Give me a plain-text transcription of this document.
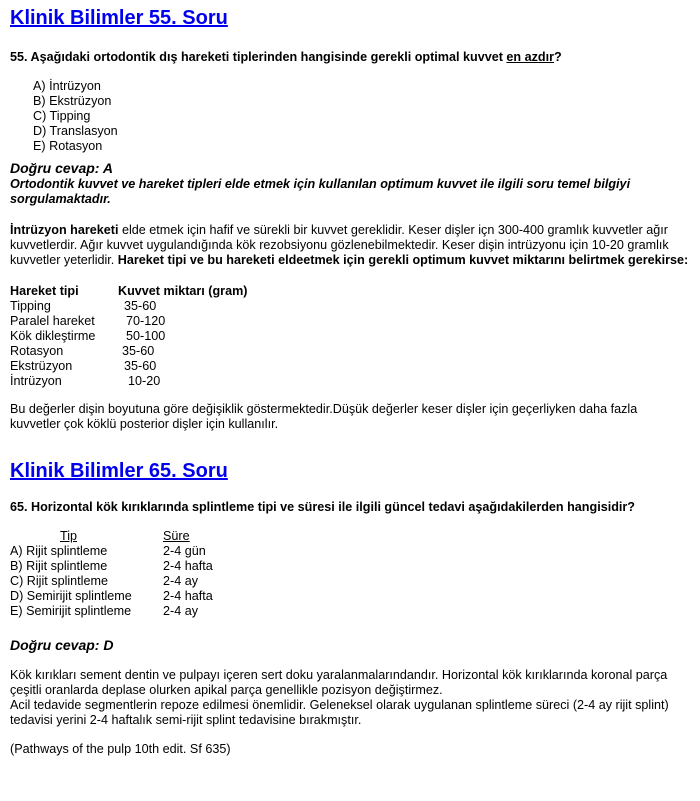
Klinik Bilimler 55. Soru
55. Aşağıdaki ortodontik dış hareketi tiplerinden hangisinde gerekli optimal kuvvet en azdır?
A) İntrüzyon
B) Ekstrüzyon
C) Tipping
D) Translasyon
E) Rotasyon
Doğru cevap: A
Ortodontik kuvvet ve hareket tipleri elde etmek için kullanılan optimum kuvvet ile ilgili soru temel bilgiyi sorgulamaktadır.
İntrüzyon hareketi elde etmek için hafif ve sürekli bir kuvvet gereklidir. Keser dişler içn 300-400 gramlık kuvvetler ağır kuvvetlerdir. Ağır kuvvet uygulandığında kök rezobsiyonu gözlenebilmektedir. Keser dişin intrüzyonu için 10-20 gramlık kuvvetler yeterlidir. Hareket tipi ve bu hareketi eldeetmek için gerekli optimum kuvvet miktarını belirtmek gerekirse:
Hareket tipi	Kuvvet miktarı (gram)
Tipping	35-60
Paralel hareket	70-120
Kök dikleştirme	50-100
Rotasyon	35-60
Ekstrüzyon	35-60
İntrüzyon	10-20
Bu değerler dişin boyutuna göre değişiklik göstermektedir.Düşük değerler keser dişler için geçerliyken daha fazla kuvvetler çok köklü posterior dişler için kullanılır.
Klinik Bilimler 65. Soru
65. Horizontal kök kırıklarında splintleme tipi ve süresi ile ilgili güncel tedavi aşağıdakilerden hangisidir?
Tip	Süre
A) Rijit splintleme	2-4 gün
B) Rijit splintleme	2-4 hafta
C) Rijit splintleme	2-4 ay
D) Semirijit splintleme	2-4 hafta
E) Semirijit splintleme	2-4 ay
Doğru cevap: D
Kök kırıkları sement dentin ve pulpayı içeren sert doku yaralanmalarındandır. Horizontal kök kırıklarında koronal parça çeşitli oranlarda deplase olurken apikal parça genellikle pozisyon değiştirmez.
Acil tedavide segmentlerin repoze edilmesi önemlidir. Geleneksel olarak uygulanan splintleme süreci (2-4 ay rijit splint) tedavisi yerini 2-4 haftalık semi-rijit splint tedavisine bırakmıştır.
(Pathways of the pulp 10th edit. Sf 635)
